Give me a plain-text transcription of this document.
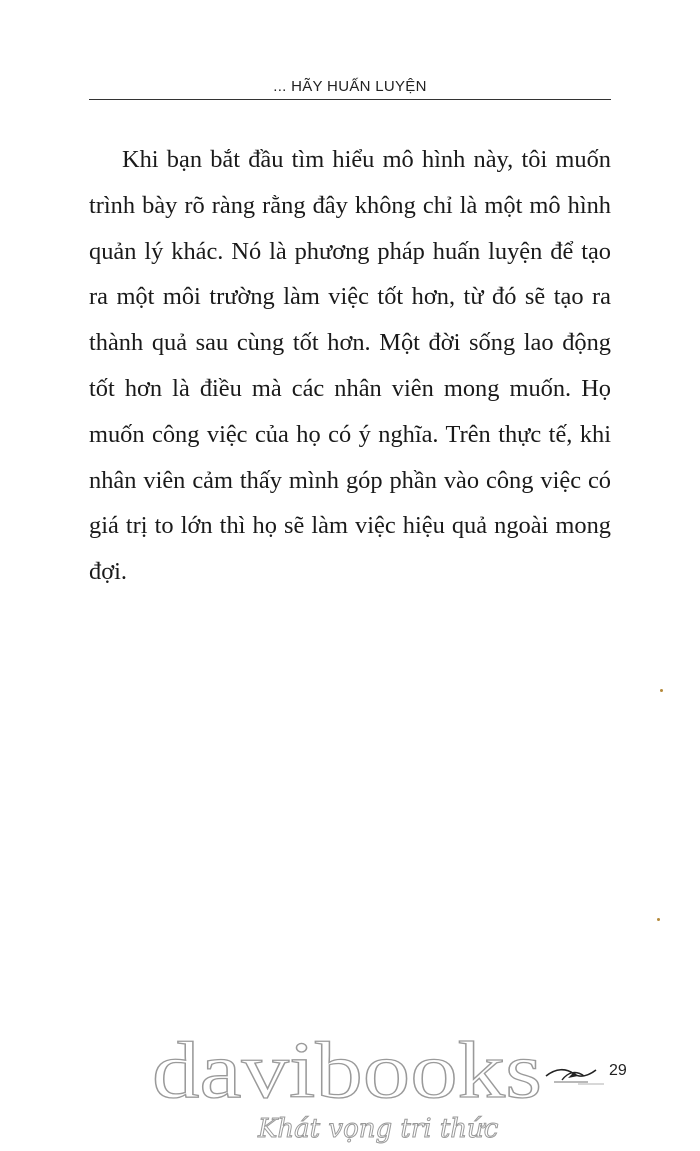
... HÃY HUẤN LUYỆN

Khi bạn bắt đầu tìm hiểu mô hình này, tôi muốn trình bày rõ ràng rằng đây không chỉ là một mô hình quản lý khác. Nó là phương pháp huấn luyện để tạo ra một môi trường làm việc tốt hơn, từ đó sẽ tạo ra thành quả sau cùng tốt hơn. Một đời sống lao động tốt hơn là điều mà các nhân viên mong muốn. Họ muốn công việc của họ có ý nghĩa. Trên thực tế, khi nhân viên cảm thấy mình góp phần vào công việc có giá trị to lớn thì họ sẽ làm việc hiệu quả ngoài mong đợi.

davibooks
Khát vọng tri thức
29
